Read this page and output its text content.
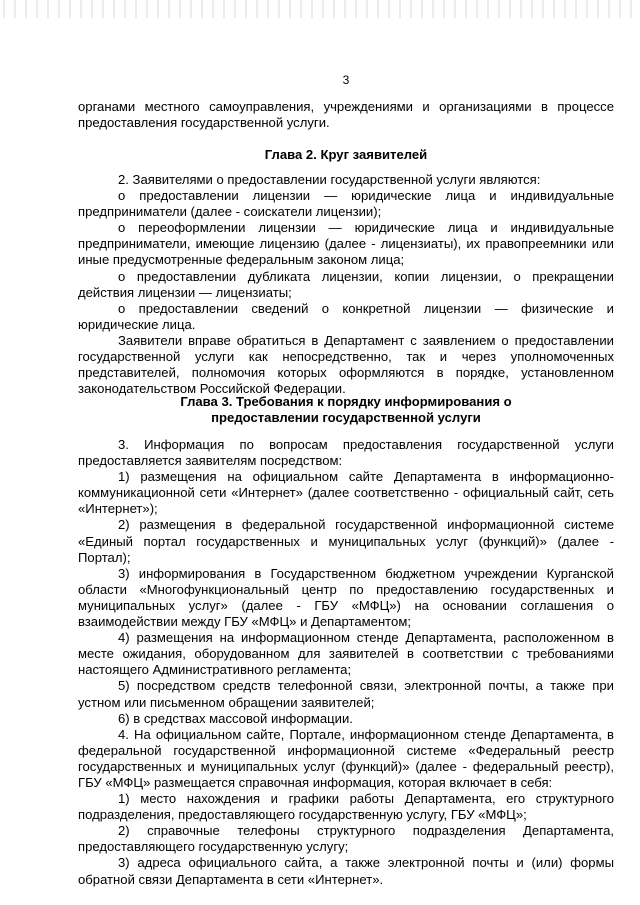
3

органами местного самоуправления, учреждениями и организациями в процессе предоставления государственной услуги.

Глава 2. Круг заявителей

2. Заявителями о предоставлении государственной услуги являются:

о предоставлении лицензии — юридические лица и индивидуальные предприниматели (далее - соискатели лицензии);

о переоформлении лицензии — юридические лица и индивидуальные предприниматели, имеющие лицензию (далее - лицензиаты), их правопреемники или иные предусмотренные федеральным законом лица;

о предоставлении дубликата лицензии, копии лицензии, о прекращении действия лицензии — лицензиаты;

о предоставлении сведений о конкретной лицензии — физические и юридические лица.

Заявители вправе обратиться в Департамент с заявлением о предоставлении государственной услуги как непосредственно, так и через уполномоченных представителей, полномочия которых оформляются в порядке, установленном законодательством Российской Федерации.

Глава 3. Требования к порядку информирования о

предоставлении государственной услуги

3. Информация по вопросам предоставления государственной услуги предоставляется заявителям посредством:

1) размещения на официальном сайте Департамента в информационно-коммуникационной сети «Интернет» (далее соответственно - официальный сайт, сеть «Интернет»);

2) размещения в федеральной государственной информационной системе «Единый портал государственных и муниципальных услуг (функций)» (далее - Портал);

3) информирования в Государственном бюджетном учреждении Курганской области «Многофункциональный центр по предоставлению государственных и муниципальных услуг» (далее - ГБУ «МФЦ») на основании соглашения о взаимодействии между ГБУ «МФЦ» и Департаментом;

4) размещения на информационном стенде Департамента, расположенном в месте ожидания, оборудованном для заявителей в соответствии с требованиями настоящего Административного регламента;

5) посредством средств телефонной связи, электронной почты, а также при устном или письменном обращении заявителей;

6) в средствах массовой информации.

4. На официальном сайте, Портале, информационном стенде Департамента, в федеральной государственной информационной системе «Федеральный реестр государственных и муниципальных услуг (функций)» (далее - федеральный реестр), ГБУ «МФЦ» размещается справочная информация, которая включает в себя:

1) место нахождения и графики работы Департамента, его структурного подразделения, предоставляющего государственную услугу, ГБУ «МФЦ»;

2) справочные телефоны структурного подразделения Департамента, предоставляющего государственную услугу;

3) адреса официального сайта, а также электронной почты и (или) формы обратной связи Департамента в сети «Интернет».
